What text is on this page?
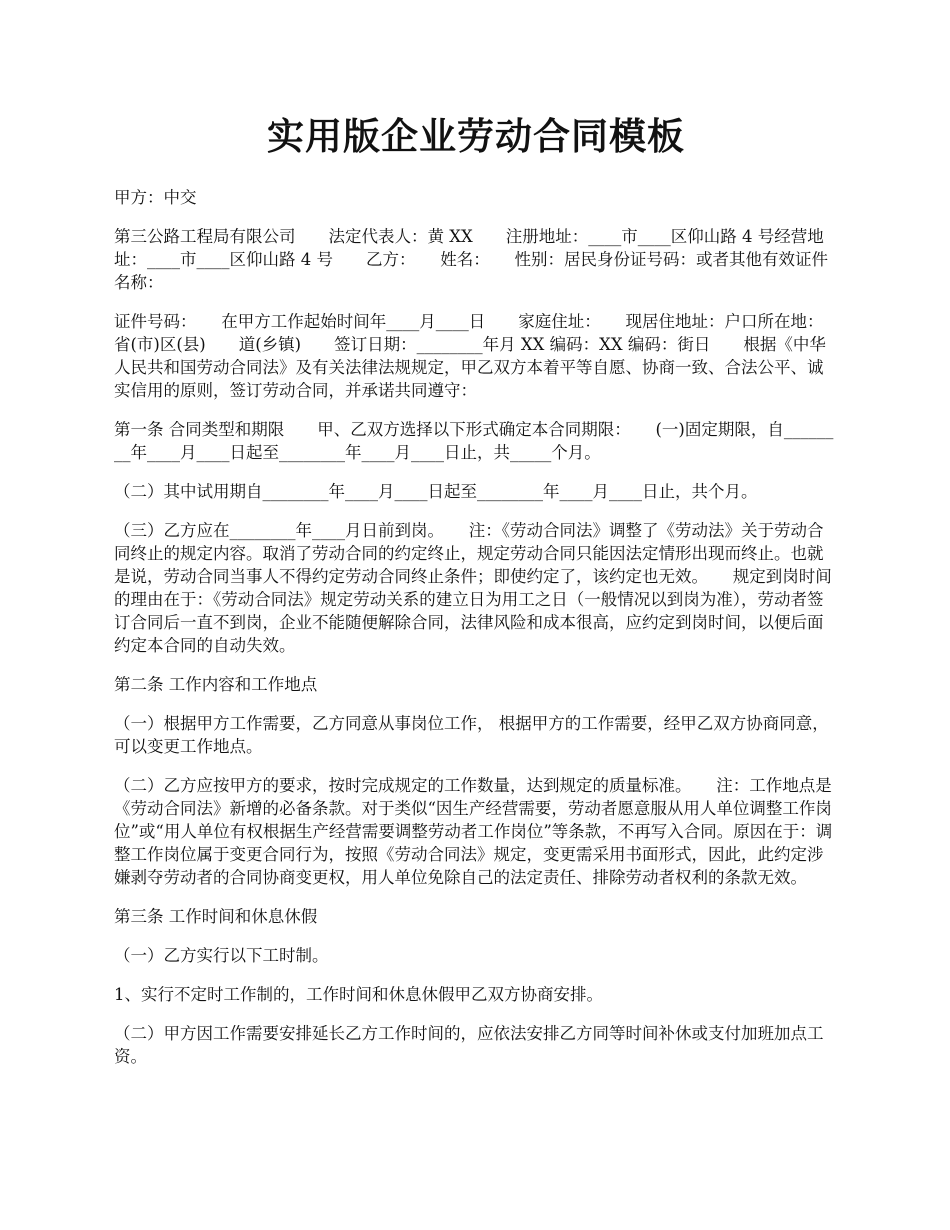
实用版企业劳动合同模板

甲方：中交

第三公路工程局有限公司　　法定代表人：黄 XX　　注册地址：____市____区仰山路 4 号经营地址：____市____区仰山路 4 号　　乙方：　　姓名：　　性别：居民身份证号码：或者其他有效证件名称：

证件号码：　　在甲方工作起始时间年____月____日　　家庭住址：　　现居住地址：户口所在地：省(市)区(县)　　道(乡镇)　　签订日期：________年月 XX 编码：XX 编码：街日　　根据《中华人民共和国劳动合同法》及有关法律法规规定，甲乙双方本着平等自愿、协商一致、合法公平、诚实信用的原则，签订劳动合同，并承诺共同遵守：

第一条 合同类型和期限　　甲、乙双方选择以下形式确定本合同期限：　　(一)固定期限，自________年____月____日起至________年____月____日止，共_____个月。

（二）其中试用期自________年____月____日起至________年____月____日止，共个月。

（三）乙方应在________年____月日前到岗。　　注：《劳动合同法》调整了《劳动法》关于劳动合同终止的规定内容。取消了劳动合同的约定终止，规定劳动合同只能因法定情形出现而终止。也就是说，劳动合同当事人不得约定劳动合同终止条件；即使约定了，该约定也无效。　　规定到岗时间的理由在于：《劳动合同法》规定劳动关系的建立日为用工之日（一般情况以到岗为准），劳动者签订合同后一直不到岗，企业不能随便解除合同，法律风险和成本很高，应约定到岗时间，以便后面约定本合同的自动失效。

第二条 工作内容和工作地点

（一）根据甲方工作需要，乙方同意从事岗位工作， 根据甲方的工作需要，经甲乙双方协商同意，可以变更工作地点。

（二）乙方应按甲方的要求，按时完成规定的工作数量，达到规定的质量标准。　　注：工作地点是《劳动合同法》新增的必备条款。对于类似“因生产经营需要，劳动者愿意服从用人单位调整工作岗位”或“用人单位有权根据生产经营需要调整劳动者工作岗位”等条款，不再写入合同。原因在于：调整工作岗位属于变更合同行为，按照《劳动合同法》规定，变更需采用书面形式，因此，此约定涉嫌剥夺劳动者的合同协商变更权，用人单位免除自己的法定责任、排除劳动者权利的条款无效。

第三条 工作时间和休息休假

（一）乙方实行以下工时制。

1、实行不定时工作制的，工作时间和休息休假甲乙双方协商安排。

（二）甲方因工作需要安排延长乙方工作时间的，应依法安排乙方同等时间补休或支付加班加点工资。
